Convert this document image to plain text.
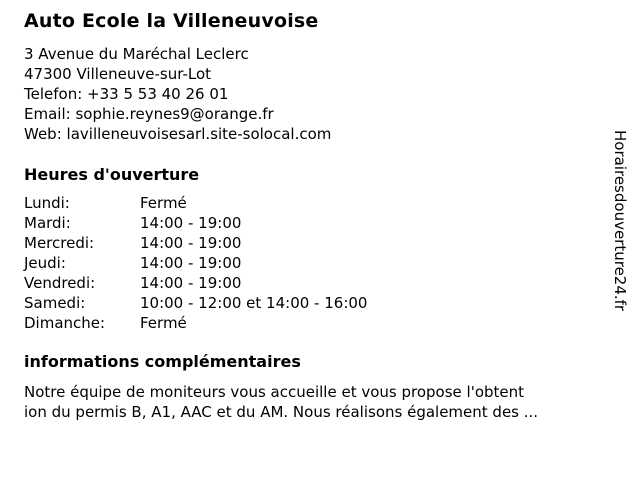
Auto Ecole la Villeneuvoise
3 Avenue du Maréchal Leclerc
47300 Villeneuve-sur-Lot
Telefon: +33 5 53 40 26 01
Email: sophie.reynes9@orange.fr
Web: lavilleneuvoisesarl.site-solocal.com
Heures d'ouverture
Lundi:	Fermé
Mardi:	14:00 - 19:00
Mercredi:	14:00 - 19:00
Jeudi:	14:00 - 19:00
Vendredi:	14:00 - 19:00
Samedi:	10:00 - 12:00 et 14:00 - 16:00
Dimanche:	Fermé
informations complémentaires
Notre équipe de moniteurs vous accueille et vous propose l'obtent
ion du permis B, A1, AAC et du AM. Nous réalisons également des ...
Horairesdouverture24.fr
